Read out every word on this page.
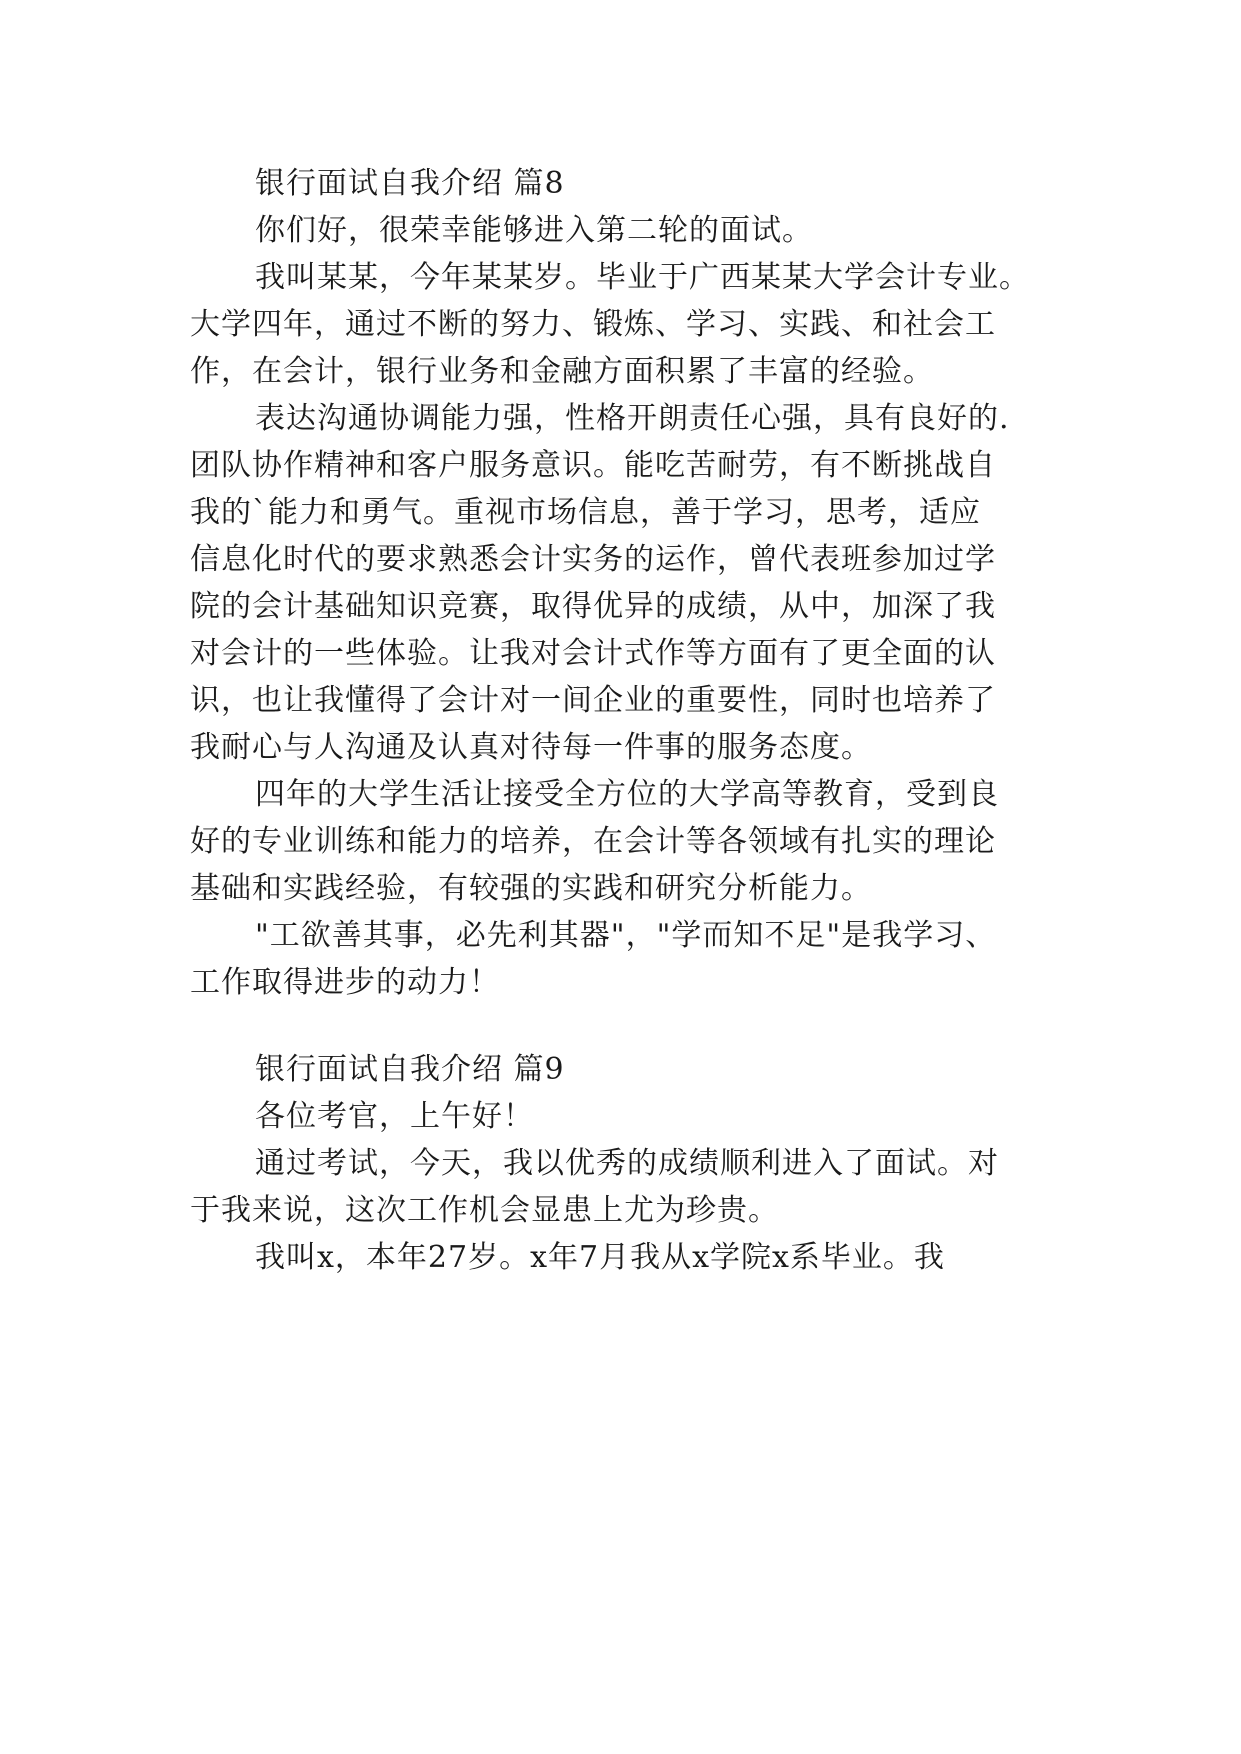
银行面试自我介绍 篇8

你们好，很荣幸能够进入第二轮的面试。

我叫某某，今年某某岁。毕业于广西某某大学会计专业。

大学四年，通过不断的努力、锻炼、学习、实践、和社会工

作，在会计，银行业务和金融方面积累了丰富的经验。

表达沟通协调能力强，性格开朗责任心强，具有良好的.

团队协作精神和客户服务意识。能吃苦耐劳，有不断挑战自

我的`能力和勇气。重视市场信息，善于学习，思考，适应

信息化时代的要求熟悉会计实务的运作，曾代表班参加过学

院的会计基础知识竞赛，取得优异的成绩，从中，加深了我

对会计的一些体验。让我对会计式作等方面有了更全面的认

识，也让我懂得了会计对一间企业的重要性，同时也培养了

我耐心与人沟通及认真对待每一件事的服务态度。

四年的大学生活让接受全方位的大学高等教育，受到良

好的专业训练和能力的培养，在会计等各领域有扎实的理论

基础和实践经验，有较强的实践和研究分析能力。

"工欲善其事，必先利其器"，"学而知不足"是我学习、

工作取得进步的动力！

银行面试自我介绍 篇9

各位考官，上午好！

通过考试，今天，我以优秀的成绩顺利进入了面试。对

于我来说，这次工作机会显患上尤为珍贵。

我叫x，本年27岁。x年7月我从x学院x系毕业。我
